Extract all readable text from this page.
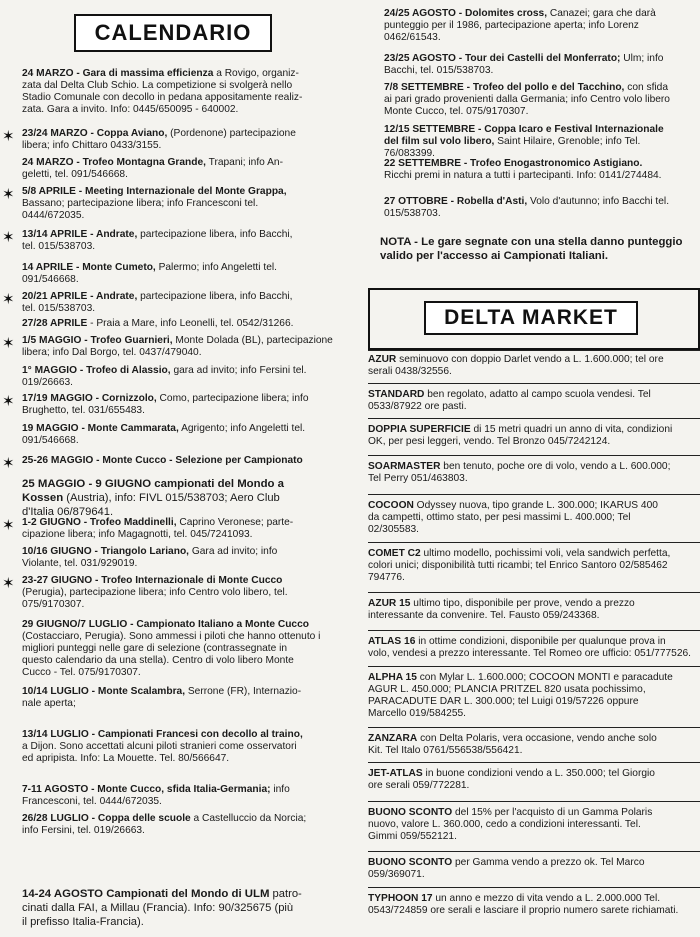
CALENDARIO
24 MARZO - Gara di massima efficienza a Rovigo, organiz-
zata dal Delta Club Schio. La competizione si svolgerà nello
Stadio Comunale con decollo in pedana appositamente realiz-
zata. Gara a invito. Info: 0445/650095 - 640002.
23/24 MARZO - Coppa Aviano, (Pordenone) partecipazione
libera; info Chittaro 0433/3155.
✶
24 MARZO - Trofeo Montagna Grande, Trapani; info An-
geletti, tel. 091/546668.
5/8 APRILE - Meeting Internazionale del Monte Grappa,
Bassano; partecipazione libera; info Francesconi tel.
0444/672035.
✶
13/14 APRILE - Andrate, partecipazione libera, info Bacchi,
tel. 015/538703.
✶
14 APRILE - Monte Cumeto, Palermo; info Angeletti tel.
091/546668.
20/21 APRILE - Andrate, partecipazione libera, info Bacchi,
tel. 015/538703.
✶
27/28 APRILE - Praia a Mare, info Leonelli, tel. 0542/31266.
1/5 MAGGIO - Trofeo Guarnieri, Monte Dolada (BL), partecipazione libera; info Dal Borgo, tel. 0437/479040.
✶
1° MAGGIO - Trofeo di Alassio, gara ad invito; info Fersini tel.
019/26663.
17/19 MAGGIO - Cornizzolo, Como, partecipazione libera; info
Brughetto, tel. 031/655483.
✶
19 MAGGIO - Monte Cammarata, Agrigento; info Angeletti tel.
091/546668.
25-26 MAGGIO - Monte Cucco - Selezione per Campionato
✶
25 MAGGIO - 9 GIUGNO campionati del Mondo a
Kossen (Austria), info: FIVL 015/538703; Aero Club
d'Italia 06/879641.
1-2 GIUGNO - Trofeo Maddinelli, Caprino Veronese; parte-
cipazione libera; info Magagnotti, tel. 045/7241093.
✶
10/16 GIUGNO - Triangolo Lariano, Gara ad invito; info
Violante, tel. 031/929019.
23-27 GIUGNO - Trofeo Internazionale di Monte Cucco
(Perugia), partecipazione libera; info Centro volo libero, tel.
075/9170307.
✶
29 GIUGNO/7 LUGLIO - Campionato Italiano a Monte Cucco
(Costacciaro, Perugia). Sono ammessi i piloti che hanno ottenuto i
migliori punteggi nelle gare di selezione (contrassegnate in
questo calendario da una stella). Centro di volo libero Monte
Cucco - Tel. 075/9170307.
10/14 LUGLIO - Monte Scalambra, Serrone (FR), Internazio-
nale aperta;
13/14 LUGLIO - Campionati Francesi con decollo al traino,
a Dijon. Sono accettati alcuni piloti stranieri come osservatori
ed apripista. Info: La Mouette. Tel. 80/566647.
7-11 AGOSTO - Monte Cucco, sfida Italia-Germania; info
Francesconi, tel. 0444/672035.
26/28 LUGLIO - Coppa delle scuole a Castelluccio da Norcia;
info Fersini, tel. 019/26663.
14-24 AGOSTO Campionati del Mondo di ULM patro-
cinati dalla FAI, a Millau (Francia). Info: 90/325675 (più
il prefisso Italia-Francia).
24/25 AGOSTO - Dolomites cross, Canazei; gara che darà
punteggio per il 1986, partecipazione aperta; info Lorenz
0462/61543.
23/25 AGOSTO - Tour dei Castelli del Monferrato; Ulm; info
Bacchi, tel. 015/538703.
7/8 SETTEMBRE - Trofeo del pollo e del Tacchino, con sfida
ai pari grado provenienti dalla Germania; info Centro volo libero
Monte Cucco, tel. 075/9170307.
12/15 SETTEMBRE - Coppa Icaro e Festival Internazionale
del film sul volo libero, Saint Hilaire, Grenoble; info Tel.
76/083399.
22 SETTEMBRE - Trofeo Enogastronomico Astigiano.
Ricchi premi in natura a tutti i partecipanti. Info: 0141/274484.
27 OTTOBRE - Robella d'Asti, Volo d'autunno; info Bacchi tel.
015/538703.
NOTA - Le gare segnate con una stella danno punteggio
valido per l'accesso ai Campionati Italiani.
DELTA MARKET
AZUR seminuovo con doppio Darlet vendo a L. 1.600.000; tel ore
serali 0438/32556.
STANDARD ben regolato, adatto al campo scuola vendesi. Tel
0533/87922 ore pasti.
DOPPIA SUPERFICIE di 15 metri quadri un anno di vita, condizioni
OK, per pesi leggeri, vendo. Tel Bronzo 045/7242124.
SOARMASTER ben tenuto, poche ore di volo, vendo a L. 600.000;
Tel Perry 051/463803.
COCOON Odyssey nuova, tipo grande L. 300.000; IKARUS 400
da campetti, ottimo stato, per pesi massimi L. 400.000; Tel
02/305583.
COMET C2 ultimo modello, pochissimi voli, vela sandwich perfetta,
colori unici; disponibilità tutti ricambi; tel Enrico Santoro 02/585462
794776.
AZUR 15 ultimo tipo, disponibile per prove, vendo a prezzo
interessante da convenire. Tel. Fausto 059/243368.
ATLAS 16 in ottime condizioni, disponibile per qualunque prova in
volo, vendesi a prezzo interessante. Tel Romeo ore ufficio: 051/777526.
ALPHA 15 con Mylar L. 1.600.000; COCOON MONTI e paracadute
AGUR L. 450.000; PLANCIA PRITZEL 820 usata pochissimo,
PARACADUTE DAR L. 300.000; tel Luigi 019/57226 oppure
Marcello 019/584255.
ZANZARA con Delta Polaris, vera occasione, vendo anche solo
Kit. Tel Italo 0761/556538/556421.
JET-ATLAS in buone condizioni vendo a L. 350.000; tel Giorgio
ore serali 059/772281.
BUONO SCONTO del 15% per l'acquisto di un Gamma Polaris
nuovo, valore L. 360.000, cedo a condizioni interessanti. Tel.
Gimmi 059/552121.
BUONO SCONTO per Gamma vendo a prezzo ok. Tel Marco
059/369071.
TYPHOON 17 un anno e mezzo di vita vendo a L. 2.000.000 Tel.
0543/724859 ore serali e lasciare il proprio numero sarete richiamati.
